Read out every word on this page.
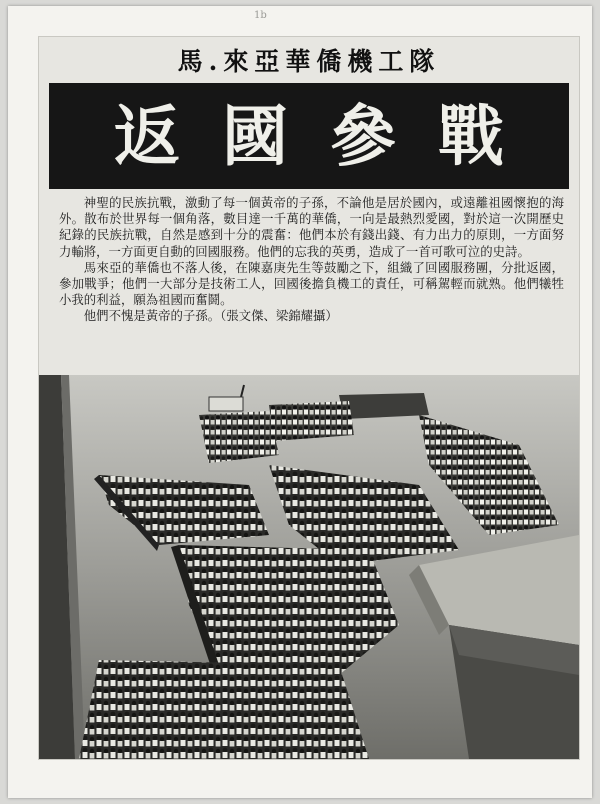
1b
馬.來亞華僑機工隊
返國參戰

神聖的民族抗戰，激動了每一個黃帝的子孫，不論他是居於國內，或遠離祖國懷抱的海外。散布於世界每一個角落，數目達一千萬的華僑，一向是最熱烈愛國，對於這一次開歷史紀錄的民族抗戰，自然是感到十分的震奮：他們本於有錢出錢、有力出力的原則，一方面努力輸將，一方面更自動的回國服務。他們的忘我的英勇，造成了一首可歌可泣的史詩。

馬來亞的華僑也不落人後，在陳嘉庚先生等鼓勵之下，組織了回國服務團，分批返國，參加戰爭；他們一大部分是技術工人，回國後擔負機工的責任，可稱駕輕而就熟。他們犧牲小我的利益，願為祖國而奮鬪。

他們不愧是黃帝的子孫。（張文傑、梁錦耀攝）
